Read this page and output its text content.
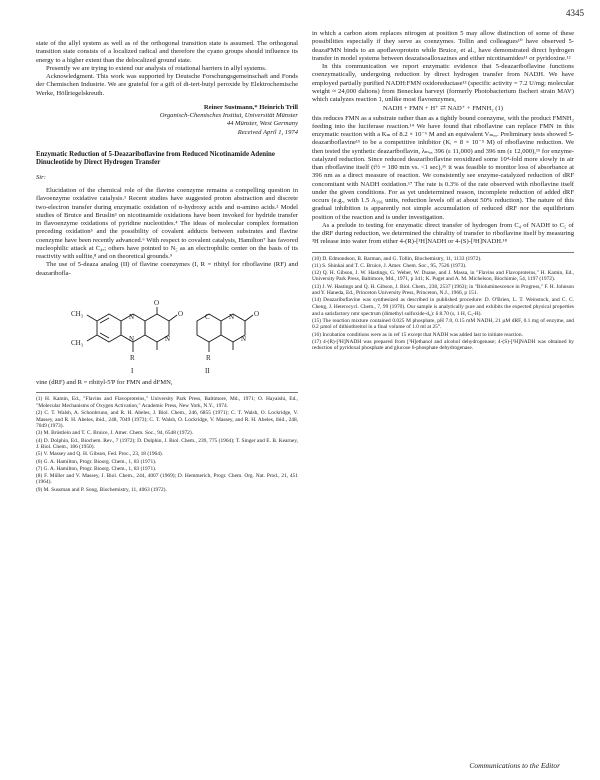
4345

state of the allyl system as well as of the orthogonal transition state is assumed. The orthogonal transition state consists of a localized radical and therefore the cyano groups should influence its energy to a higher extent than the delocalized ground state.

Presently we are trying to extend our analysis of rotational barriers in allyl systems.

Acknowledgment. This work was supported by Deutsche Forschungsgemeinschaft and Fonds der Chemischen Industrie. We are grateful for a gift of di-tert-butyl peroxide by Elektrochemische Werke, Höllriegelskreuth.

Reiner Sustmann,* Heinrich Trill
Organisch-Chemisches Institut, Universität Münster
44 Münster, West Germany
Received April 1, 1974
Enzymatic Reduction of 5-Deazariboflavine from Reduced Nicotinamide Adenine Dinucleotide by Direct Hydrogen Transfer
Sir:

Elucidation of the chemical role of the flavine coenzyme remains a compelling question in flavoenzyme oxidative catalysis.¹ Recent studies have suggested proton abstraction and discrete two-electron transfer during enzymatic oxidation of α-hydroxy acids and α-amino acids.² Model studies of Bruice and Bruslin³ on nicotinamide oxidations have been invoked for hydride transfer in flavoenzyme oxidations of pyridine nucleotides.⁴ The ideas of molecular complex formation preceding oxidation⁵ and the possibility of covalent adducts between substrates and flavine coenzyme have been recently advanced.⁶ With respect to covalent catalysis, Hamilton⁷ has favored nucleophilic attack at C₄ₐ; others have pointed to N₅ as an electrophilic center on the basis of its reactivity with sulfite,⁸ and on theoretical grounds.⁹

The use of 5-deaza analog (II) of flavine coenzymes (I, R = ribityl for riboflavine (RF) and deazaribofla-

CH₃
CH₃
N
N	N
O
O
R
I
C	N
N
O
R
II

vine (dRF) and R = ribityl-5'P for FMN and dFMN,

(1) H. Kamin, Ed., "Flavins and Flavoproteins," University Park Press, Baltimore, Md., 1971; O. Hayaishi, Ed., "Molecular Mechanisms of Oxygen Activation," Academic Press, New York, N.Y., 1974.
(2) C. T. Walsh, A. Schonbrunn, and R. H. Abeles, J. Biol. Chem., 246, 6855 (1971); C. T. Walsh, O. Lockridge, V. Massey, and R. H. Abeles, ibid., 248, 7049 (1973); C. T. Walsh, O. Lockridge, V. Massey, and R. H. Abeles, ibid., 248, 7049 (1973).
(3) M. Brüstlein and T. C. Bruice, J. Amer. Chem. Soc., 94, 6548 (1972).
(4) D. Dolphin, Ed., Biochem. Rev., 7 (1972); D. Dolphin, J. Biol. Chem., 239, 775 (1964); T. Singer and E. B. Kearney, J. Biol. Chem., 186 (1950).
(5) V. Massey and Q. H. Gibson, Fed. Proc., 23, 18 (1964).
(6) G. A. Hamilton, Progr. Bioorg. Chem., 1, 83 (1971).
(7) G. A. Hamilton, Progr. Bioorg. Chem., 1, 83 (1971).
(8) F. Müller and V. Massey, J. Biol. Chem., 244, 4007 (1969); D. Hemmerich, Progr. Chem. Org. Nat. Prod., 21, 451 (1964).
(9) M. Sussman and P. Song, Biochemistry, 11, 4063 (1972).

in which a carbon atom replaces nitrogen at position 5 may allow distinction of some of these possibilities especially if they serve as coenzymes. Tollin and colleagues¹⁰ have observed 5-deazaFMN binds to an apoflavoprotein while Bruice, et al., have demonstrated direct hydrogen transfer in model systems between deazaisoalloxazines and either nicotinamides¹¹ or pyridoxine.¹²

In this communication we report enzymatic evidence that 5-deazariboflavine functions coenzymatically, undergoing reduction by direct hydrogen transfer from NADH. We have employed partially purified NADH:FMN oxidoreductase¹³ (specific activity = 7.2 U/mg; molecular weight ≈ 24,000 daltons) from Beneckea harveyi (formerly Photobacterium fischeri strain MAV) which catalyzes reaction 1, unlike most flavoenzymes,

NADH + FMN + H⁺ ⇄ NAD⁺ + FMNH₂ (1)

this reduces FMN as a substrate rather than as a tightly bound coenzyme, with the product FMNH₂ feeding into the luciferase reaction.¹⁴ We have found that riboflavine can replace FMN in this enzymatic reaction with a Kₘ of 8.2 × 10⁻⁶ M and an equivalent Vₘₐₓ. Preliminary tests showed 5-deazariboflavine¹⁵ to be a competitive inhibitor (Kᵢ = 8 × 10⁻⁵ M) of riboflavine reduction. We then tested the synthetic deazariboflavin, λₘₐₓ 396 (ε 11,000) and 396 nm (ε 12,000),¹⁵ for enzyme-catalyzed reduction. Since reduced deazariboflavine reoxidized some 10⁴-fold more slowly in air than riboflavine itself (t½ = 180 min vs. <1 sec),¹⁶ it was feasible to monitor loss of absorbance at 396 nm as a direct measure of reaction. We consistently see enzyme-catalyzed reduction of dRF concomitant with NADH oxidation.¹⁷ The rate is 0.3% of the rate observed with riboflavine itself under the given conditions. For as yet undetermined reason, incomplete reduction of added dRF occurs (e.g., with 1.5 A₃₉₆ units, reduction levels off at about 50% reduction). The nature of this gradual inhibition is apparently not simple accumulation of reduced dRF nor the equilibrium position of the reaction and is under investigation.

As a prelude to testing for enzymatic direct transfer of hydrogen from C₄ of NADH to C₅ of the dRF during reduction, we determined the chirality of transfer to riboflavine itself by measuring ³H release into water from either 4-(R)-[³H]NADH or 4-(S)-[³H]NADH.¹⁸

(10) D. Edmondson, B. Barman, and G. Tollin, Biochemistry, 11, 1133 (1972).
(11) S. Shinkai and T. C. Bruice, J. Amer. Chem. Soc., 95, 7526 (1973).
(12) Q. H. Gibson, J. W. Hastings, G. Weber, W. Duane, and J. Massa, in "Flavins and Flavoproteins," H. Kamin, Ed., University Park Press, Baltimore, Md., 1971, p 341; K. Puget and A. M. Michelson, Biochimie, 54, 1197 (1972).
(13) J. W. Hastings and Q. H. Gibson, J. Biol. Chem., 238, 2537 (1963); in "Bioluminescence in Progress," F. H. Johnson and Y. Haneda, Ed., Princeton University Press, Princeton, N.J., 1966, p 151.
(14) Deazariboflavine was synthesized as described in published procedure: D. O'Brien, L. T. Weinstock, and C. C. Cheng, J. Heterocycl. Chem., 7, 99 (1970). Our sample is analytically pure and exhibits the expected physical properties and a satisfactory nmr spectrum (dimethyl sulfoxide-d₆): δ 8.70 (s, 1 H, C₅-H).
(15) The reaction mixture contained 0.025 M phosphate, pH 7.0, 0.15 mM NADH, 21 µM dRF, 0.1 mg of enzyme, and 0.2 µmol of dithiothreitol in a final volume of 1.0 ml at 25°.
(16) Incubation conditions were as in ref 15 except that NADH was added last to initiate reaction.
(17) 4-(R)-[³H]NADH was prepared from [³H]ethanol and alcohol dehydrogenase; 4-(S)-[³H]NADH was obtained by reduction of pyridoxal phosphate and glucose 6-phosphate dehydrogenase.
Communications to the Editor
